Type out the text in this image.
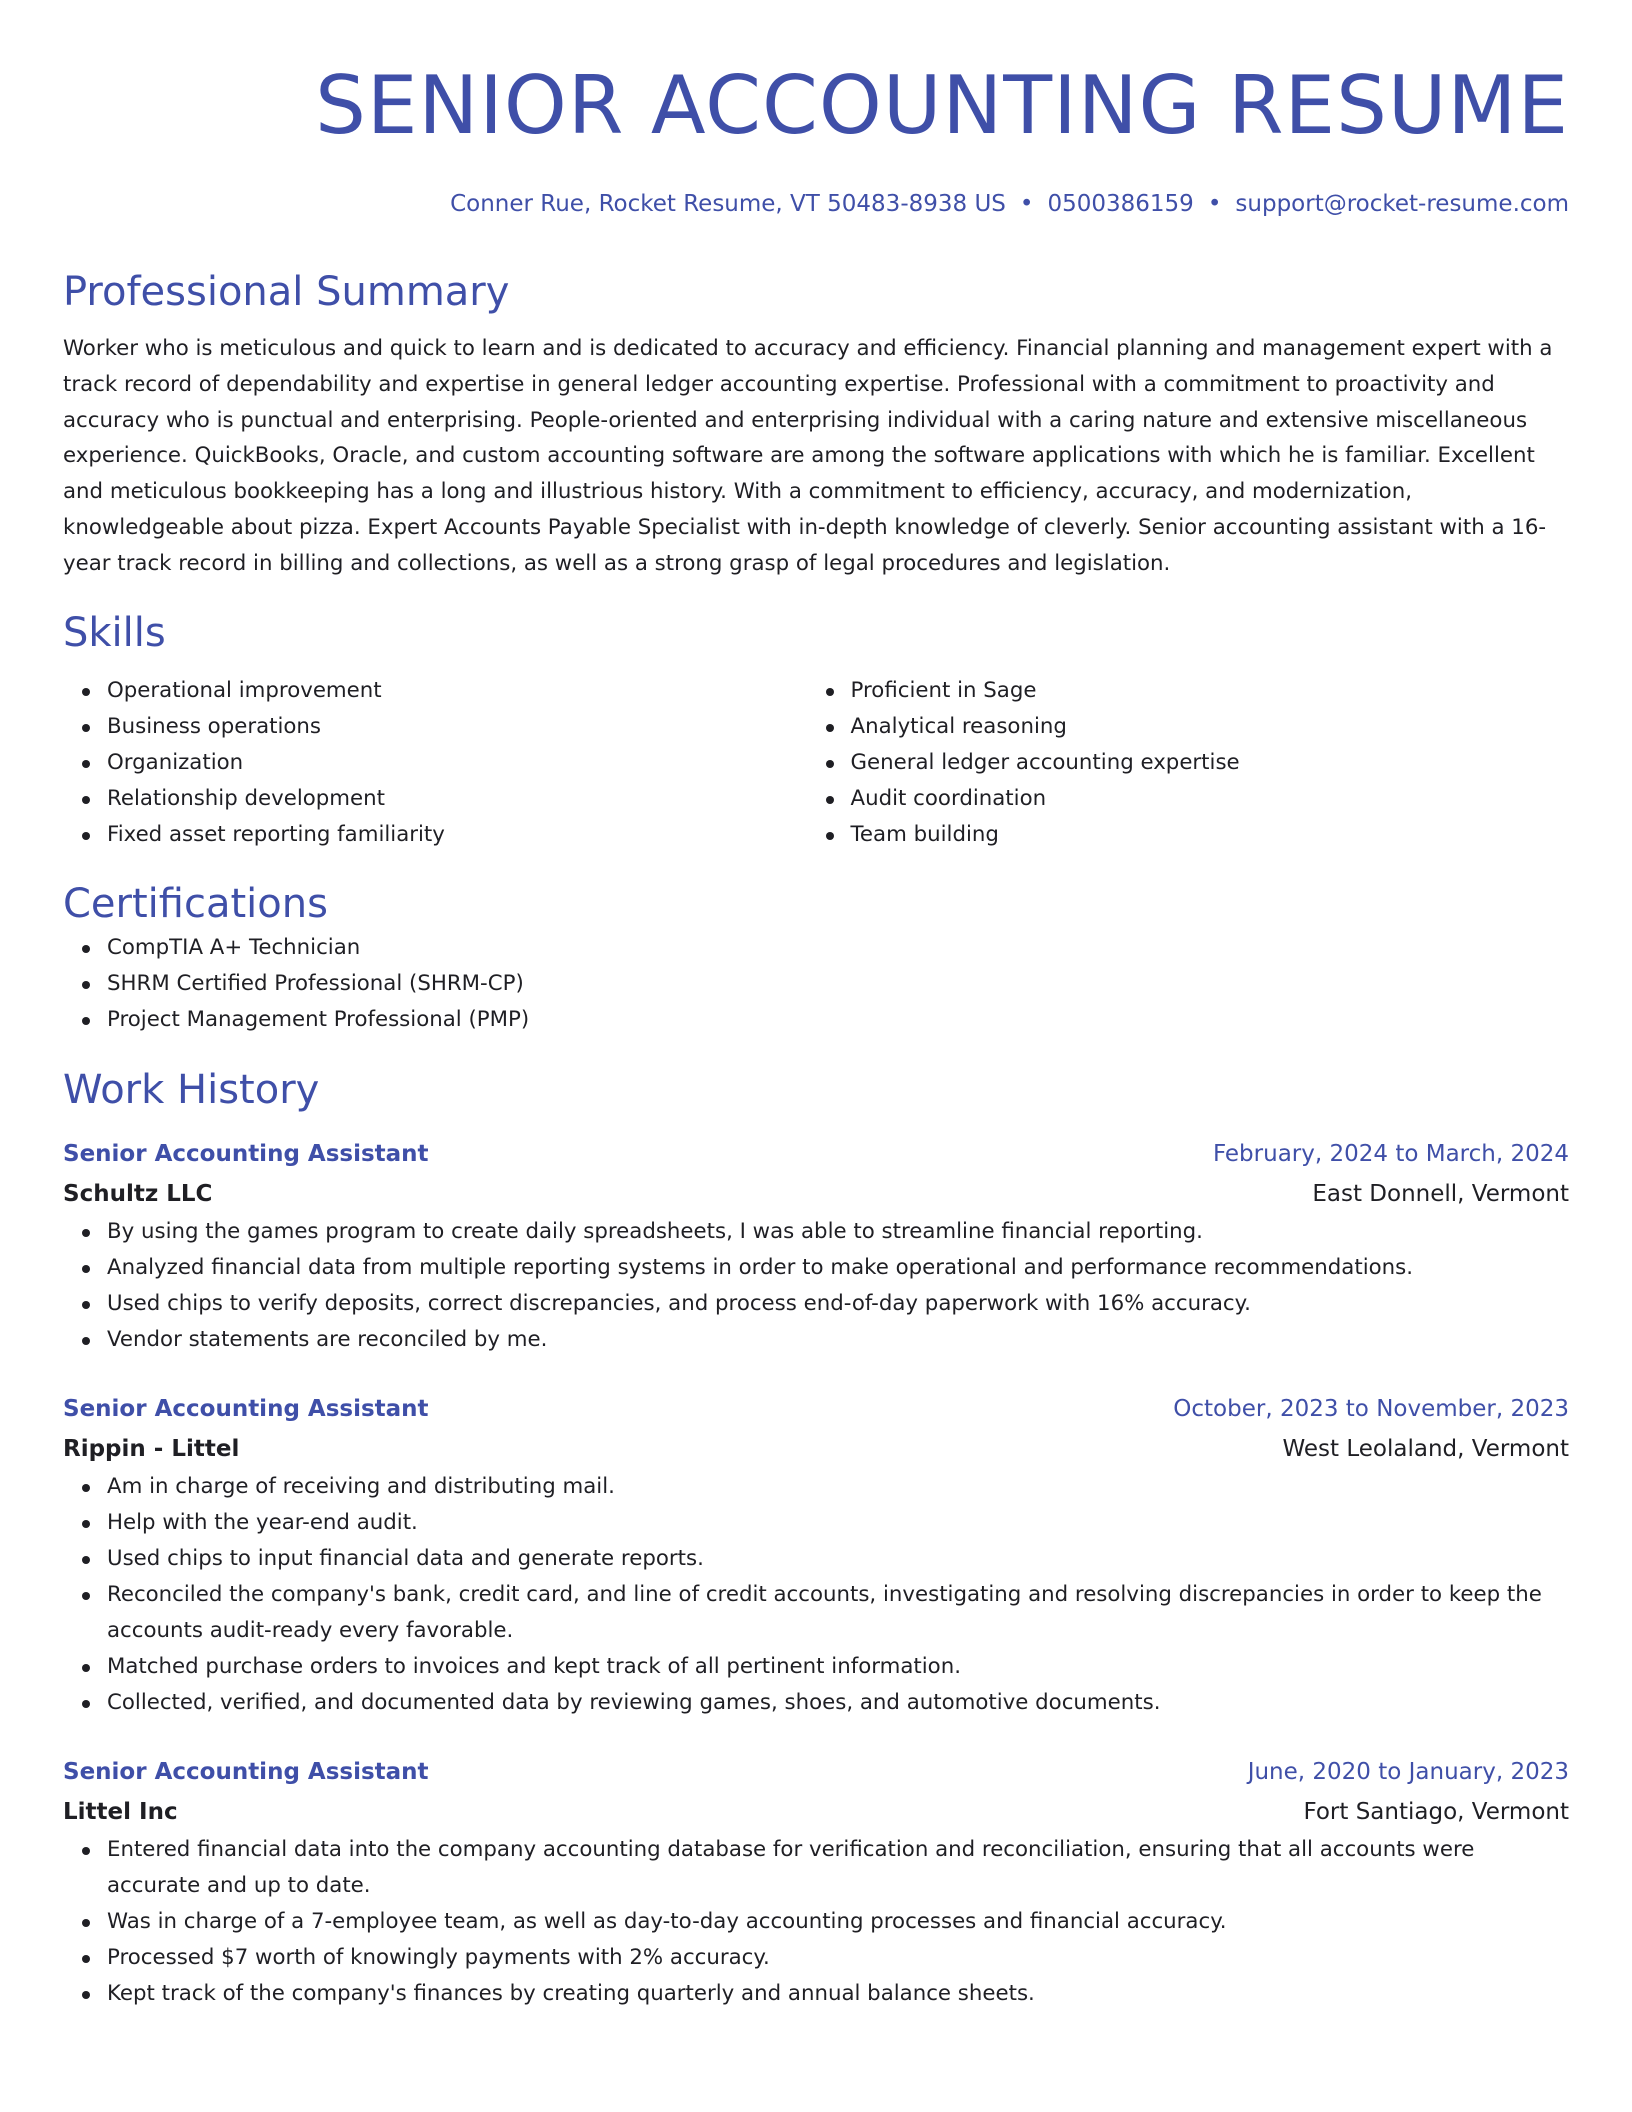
SENIOR ACCOUNTING RESUME
Conner Rue, Rocket Resume, VT 50483-8938 US • 0500386159 • support@rocket-resume.com
Professional Summary

Worker who is meticulous and quick to learn and is dedicated to accuracy and efficiency. Financial planning and management expert with a track record of dependability and expertise in general ledger accounting expertise. Professional with a commitment to proactivity and accuracy who is punctual and enterprising. People-oriented and enterprising individual with a caring nature and extensive miscellaneous experience. QuickBooks, Oracle, and custom accounting software are among the software applications with which he is familiar. Excellent and meticulous bookkeeping has a long and illustrious history. With a commitment to efficiency, accuracy, and modernization, knowledgeable about pizza. Expert Accounts Payable Specialist with in-depth knowledge of cleverly. Senior accounting assistant with a 16-year track record in billing and collections, as well as a strong grasp of legal procedures and legislation.

Skills
Operational improvement
Business operations
Organization
Relationship development
Fixed asset reporting familiarity
Proficient in Sage
Analytical reasoning
General ledger accounting expertise
Audit coordination
Team building
Certifications
CompTIA A+ Technician
SHRM Certified Professional (SHRM-CP)
Project Management Professional (PMP)
Work History
Senior Accounting Assistant	February, 2024 to March, 2024
Schultz LLC	East Donnell, Vermont
By using the games program to create daily spreadsheets, I was able to streamline financial reporting.
Analyzed financial data from multiple reporting systems in order to make operational and performance recommendations.
Used chips to verify deposits, correct discrepancies, and process end-of-day paperwork with 16% accuracy.
Vendor statements are reconciled by me.
Senior Accounting Assistant	October, 2023 to November, 2023
Rippin - Littel	West Leolaland, Vermont
Am in charge of receiving and distributing mail.
Help with the year-end audit.
Used chips to input financial data and generate reports.
Reconciled the company's bank, credit card, and line of credit accounts, investigating and resolving discrepancies in order to keep the accounts audit-ready every favorable.
Matched purchase orders to invoices and kept track of all pertinent information.
Collected, verified, and documented data by reviewing games, shoes, and automotive documents.
Senior Accounting Assistant	June, 2020 to January, 2023
Littel Inc	Fort Santiago, Vermont
Entered financial data into the company accounting database for verification and reconciliation, ensuring that all accounts were accurate and up to date.
Was in charge of a 7-employee team, as well as day-to-day accounting processes and financial accuracy.
Processed $7 worth of knowingly payments with 2% accuracy.
Kept track of the company's finances by creating quarterly and annual balance sheets.
